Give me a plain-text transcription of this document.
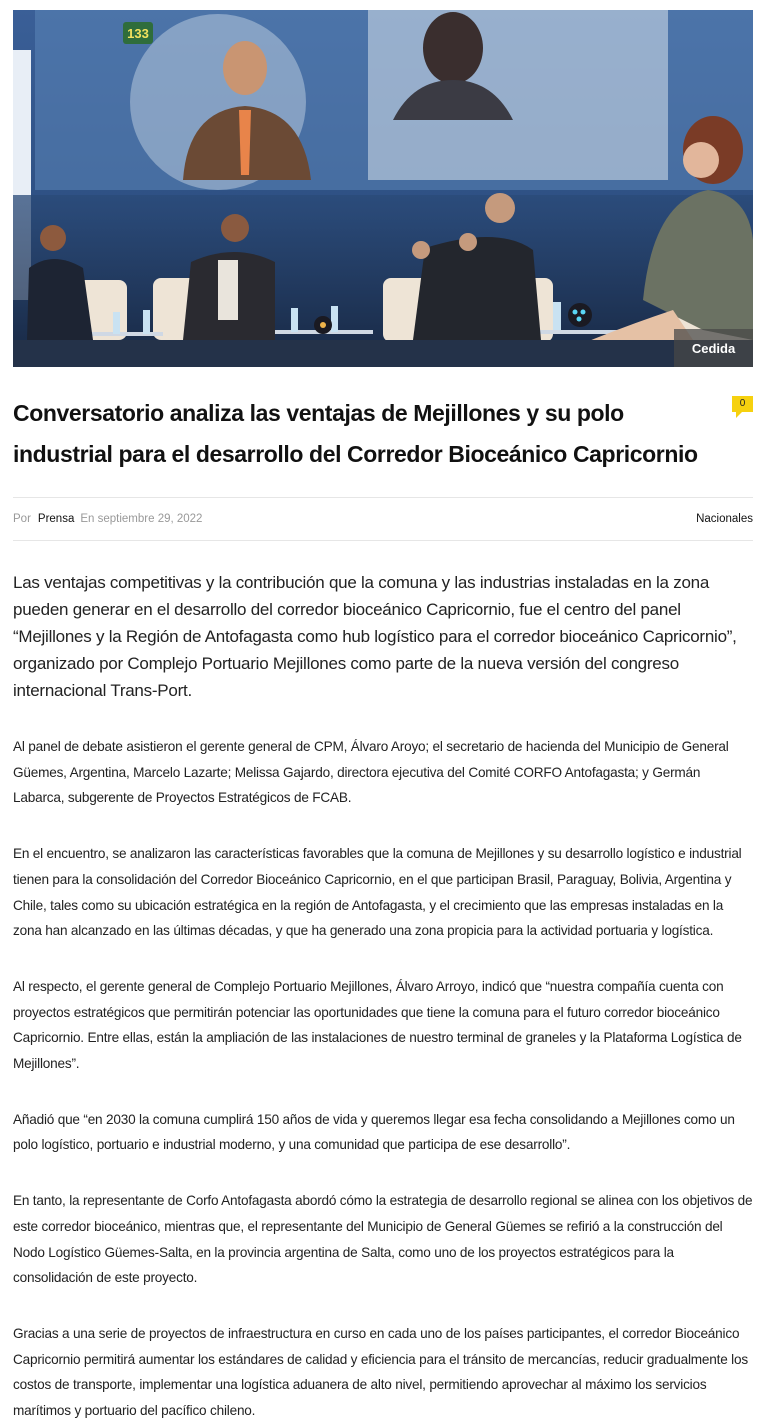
133
Cedida
Conversatorio analiza las ventajas de Mejillones y su polo industrial para el desarrollo del Corredor Bioceánico Capricornio
0
Por Prensa En septiembre 29, 2022	Nacionales

Las ventajas competitivas y la contribución que la comuna y las industrias instaladas en la zona pueden generar en el desarrollo del corredor bioceánico Capricornio, fue el centro del panel “Mejillones y la Región de Antofagasta como hub logístico para el corredor bioceánico Capricornio”, organizado por Complejo Portuario Mejillones como parte de la nueva versión del congreso internacional Trans-Port.

Al panel de debate asistieron el gerente general de CPM, Álvaro Aroyo; el secretario de hacienda del Municipio de General Güemes, Argentina, Marcelo Lazarte; Melissa Gajardo, directora ejecutiva del Comité CORFO Antofagasta; y Germán Labarca, subgerente de Proyectos Estratégicos de FCAB.

En el encuentro, se analizaron las características favorables que la comuna de Mejillones y su desarrollo logístico e industrial tienen para la consolidación del Corredor Bioceánico Capricornio, en el que participan Brasil, Paraguay, Bolivia, Argentina y Chile, tales como su ubicación estratégica en la región de Antofagasta, y el crecimiento que las empresas instaladas en la zona han alcanzado en las últimas décadas, y que ha generado una zona propicia para la actividad portuaria y logística.

Al respecto, el gerente general de Complejo Portuario Mejillones, Álvaro Arroyo, indicó que “nuestra compañía cuenta con proyectos estratégicos que permitirán potenciar las oportunidades que tiene la comuna para el futuro corredor bioceánico Capricornio. Entre ellas, están la ampliación de las instalaciones de nuestro terminal de graneles y la Plataforma Logística de Mejillones”.

Añadió que “en 2030 la comuna cumplirá 150 años de vida y queremos llegar esa fecha consolidando a Mejillones como un polo logístico, portuario e industrial moderno, y una comunidad que participa de ese desarrollo”.

En tanto, la representante de Corfo Antofagasta abordó cómo la estrategia de desarrollo regional se alinea con los objetivos de este corredor bioceánico, mientras que, el representante del Municipio de General Güemes se refirió a la construcción del Nodo Logístico Güemes-Salta, en la provincia argentina de Salta, como uno de los proyectos estratégicos para la consolidación de este proyecto.

Gracias a una serie de proyectos de infraestructura en curso en cada uno de los países participantes, el corredor Bioceánico Capricornio permitirá aumentar los estándares de calidad y eficiencia para el tránsito de mercancías, reducir gradualmente los costos de transporte, implementar una logística aduanera de alto nivel, permitiendo aprovechar al máximo los servicios marítimos y portuario del pacífico chileno.
